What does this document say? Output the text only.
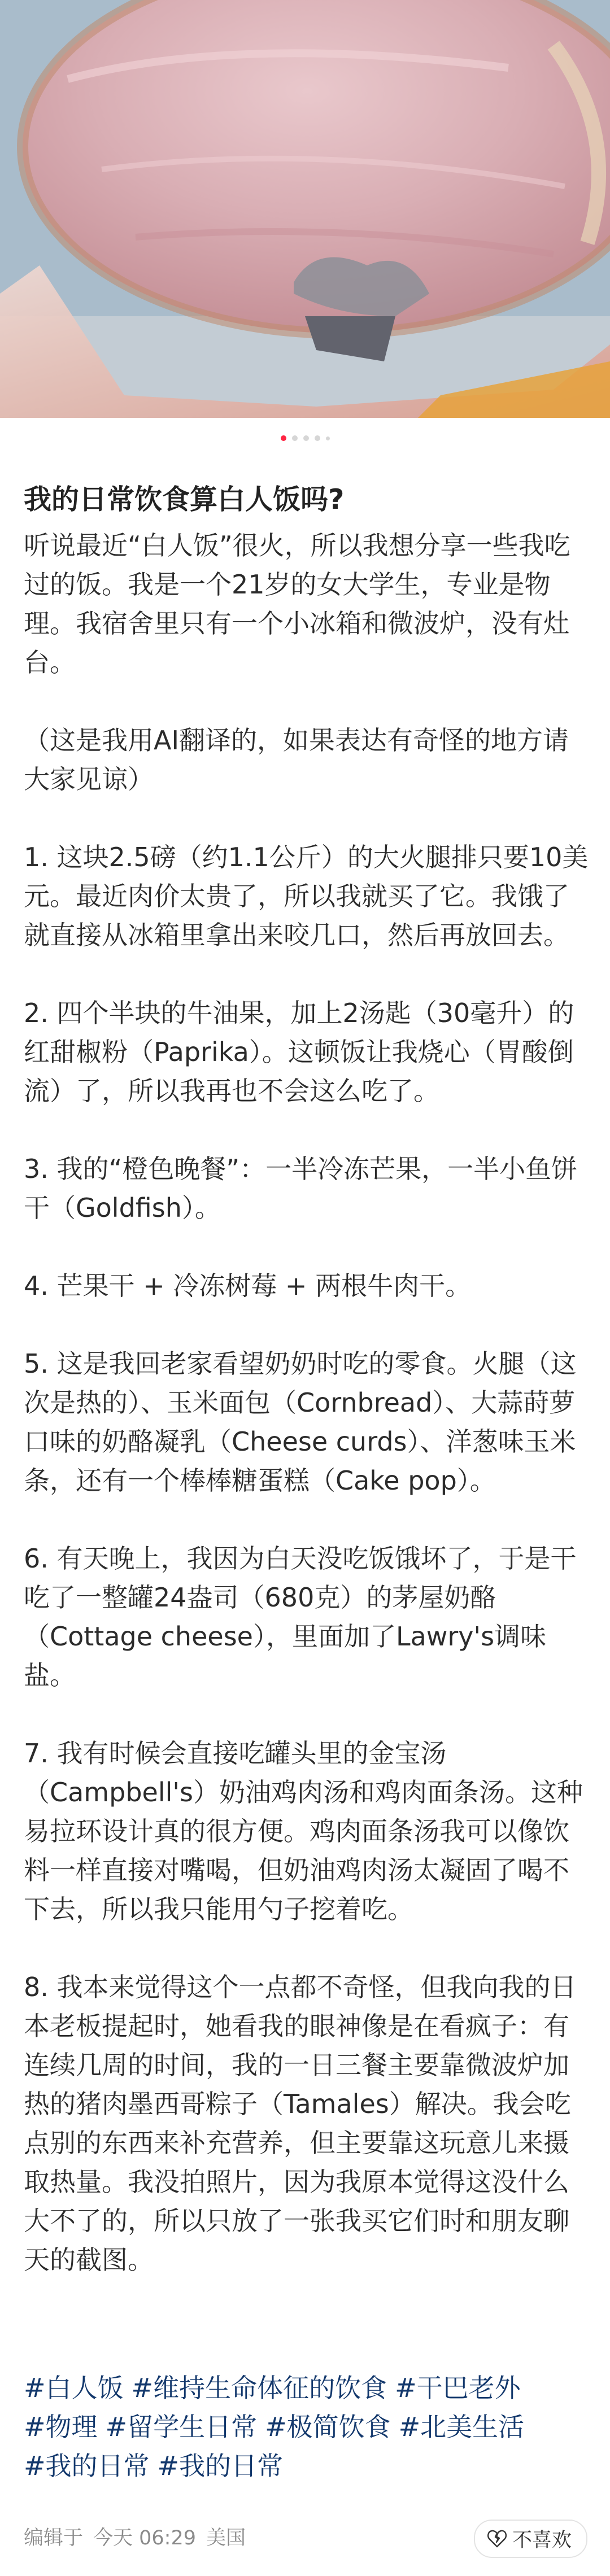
我的日常饮食算白人饭吗?

听说最近“白人饭”很火，所以我想分享一些我吃过的饭。我是一个21岁的女大学生，专业是物理。我宿舍里只有一个小冰箱和微波炉，没有灶台。

（这是我用AI翻译的，如果表达有奇怪的地方请大家见谅）

1. 这块2.5磅（约1.1公斤）的大火腿排只要10美元。最近肉价太贵了，所以我就买了它。我饿了就直接从冰箱里拿出来咬几口，然后再放回去。

2. 四个半块的牛油果，加上2汤匙（30毫升）的红甜椒粉（Paprika）。这顿饭让我烧心（胃酸倒流）了，所以我再也不会这么吃了。

3. 我的“橙色晚餐”：一半冷冻芒果，一半小鱼饼干（Goldfish）。

4. 芒果干 + 冷冻树莓 + 两根牛肉干。

5. 这是我回老家看望奶奶时吃的零食。火腿（这次是热的）、玉米面包（Cornbread）、大蒜莳萝口味的奶酪凝乳（Cheese curds）、洋葱味玉米条，还有一个棒棒糖蛋糕（Cake pop）。

6. 有天晚上，我因为白天没吃饭饿坏了，于是干吃了一整罐24盎司（680克）的茅屋奶酪（Cottage cheese），里面加了Lawry's调味盐。

7. 我有时候会直接吃罐头里的金宝汤（Campbell's）奶油鸡肉汤和鸡肉面条汤。这种易拉环设计真的很方便。鸡肉面条汤我可以像饮料一样直接对嘴喝，但奶油鸡肉汤太凝固了喝不下去，所以我只能用勺子挖着吃。

8. 我本来觉得这个一点都不奇怪，但我向我的日本老板提起时，她看我的眼神像是在看疯子：有连续几周的时间，我的一日三餐主要靠微波炉加热的猪肉墨西哥粽子（Tamales）解决。我会吃点别的东西来补充营养，但主要靠这玩意儿来摄取热量。我没拍照片，因为我原本觉得这没什么大不了的，所以只放了一张我买它们时和朋友聊天的截图。

#白人饭 #维持生命体征的饮食 #干巴老外
#物理 #留学生日常 #极简饮食 #北美生活
#我的日常 #我的日常
编辑于 今天 06:29 美国	不喜欢
